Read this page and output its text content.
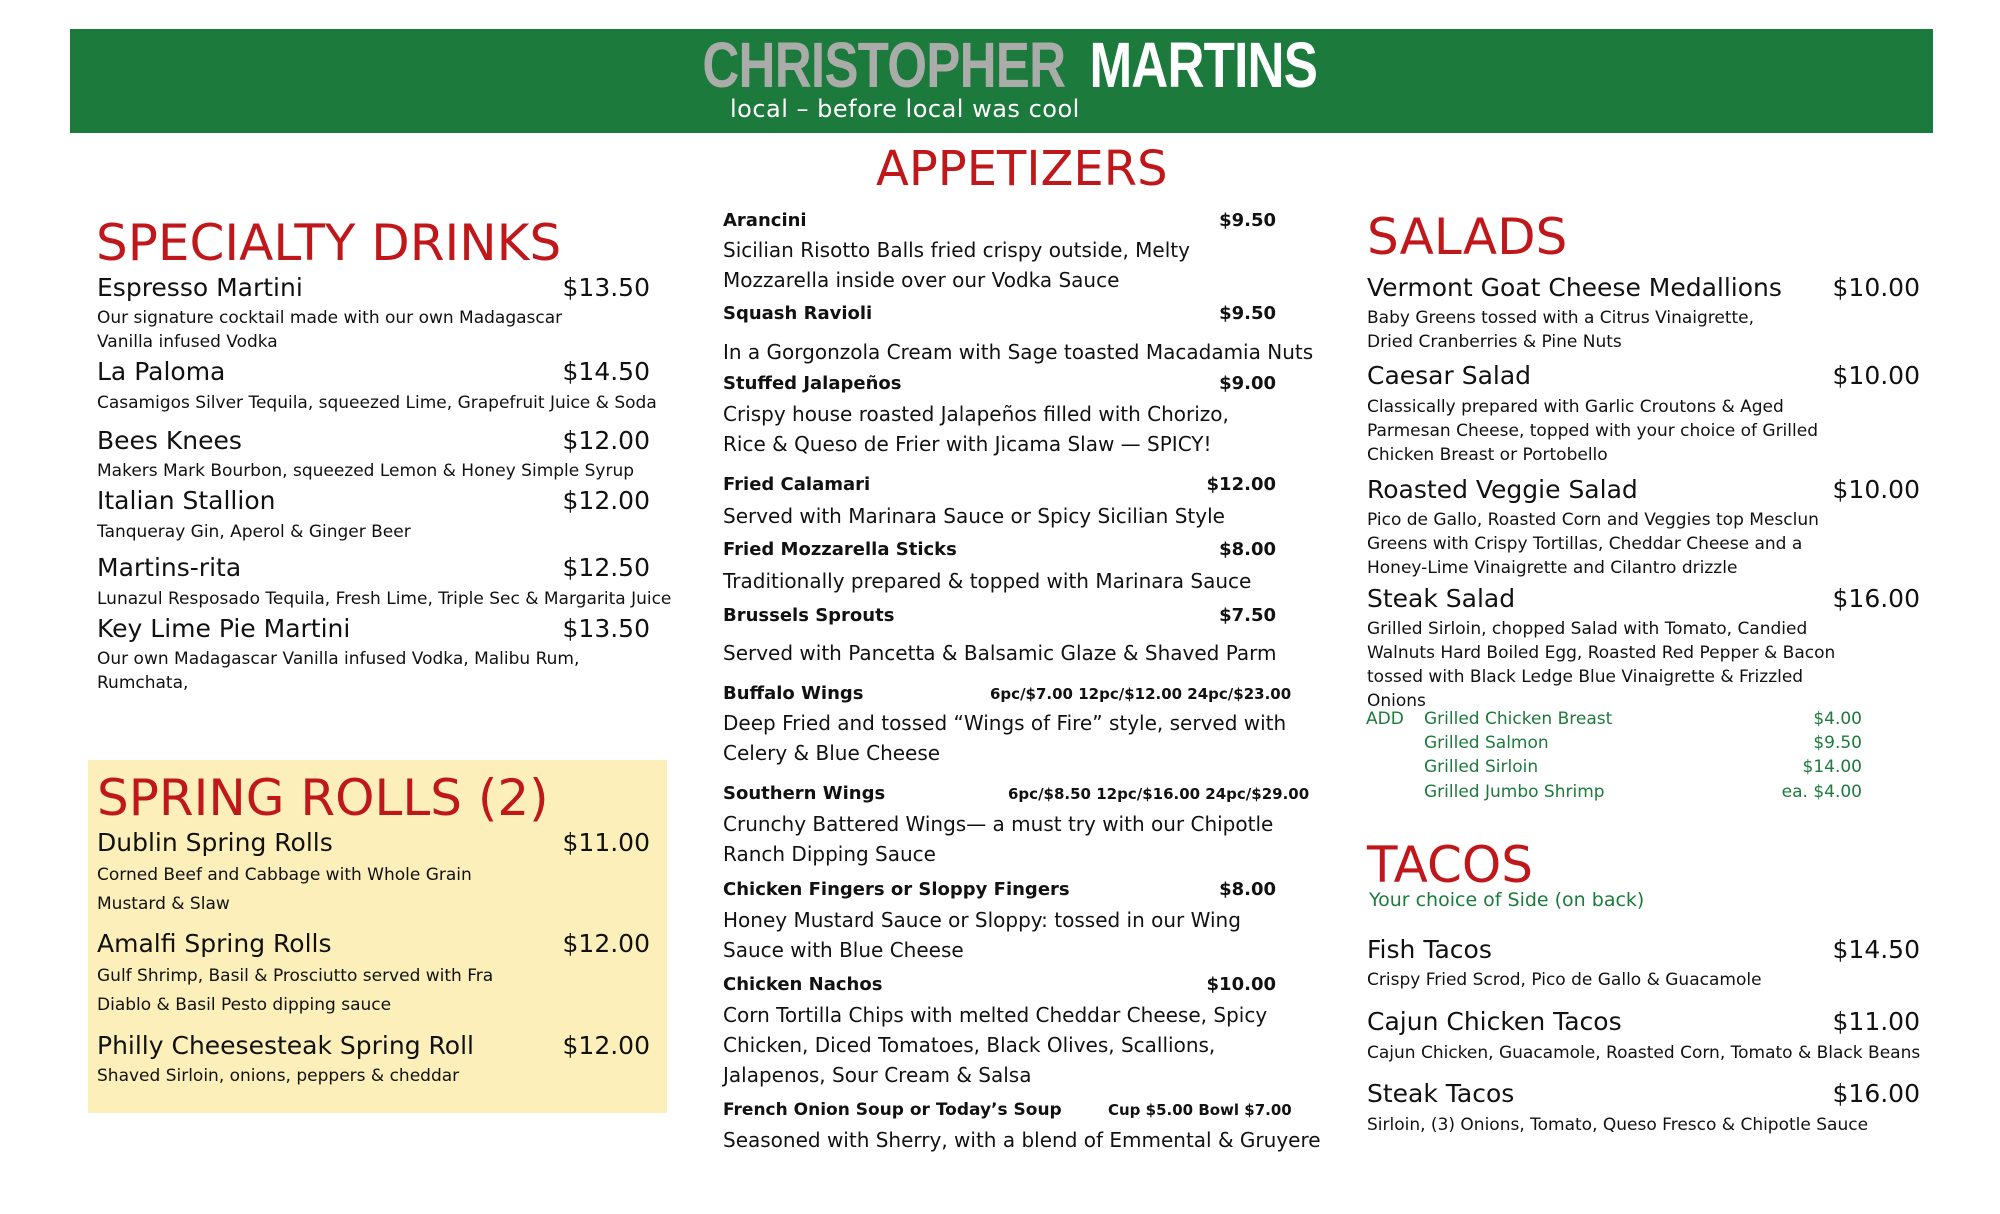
CHRISTOPHER MARTINS
local – before local was cool
SPECIALTY DRINKS
Espresso Martini	$13.50
Our signature cocktail made with our own Madagascar Vanilla infused Vodka
La Paloma	$14.50
Casamigos Silver Tequila, squeezed Lime, Grapefruit Juice & Soda
Bees Knees	$12.00
Makers Mark Bourbon, squeezed Lemon & Honey Simple Syrup
Italian Stallion	$12.00
Tanqueray Gin, Aperol & Ginger Beer
Martins-rita	$12.50
Lunazul Resposado Tequila, Fresh Lime, Triple Sec & Margarita Juice
Key Lime Pie Martini	$13.50
Our own Madagascar Vanilla infused Vodka, Malibu Rum, Rumchata,
SPRING ROLLS (2)
Dublin Spring Rolls	$11.00
Corned Beef and Cabbage with Whole Grain Mustard & Slaw
Amalfi Spring Rolls	$12.00
Gulf Shrimp, Basil & Prosciutto served with Fra Diablo & Basil Pesto dipping sauce
Philly Cheesesteak Spring Roll	$12.00
Shaved Sirloin, onions, peppers & cheddar
APPETIZERS
Arancini	$9.50
Sicilian Risotto Balls fried crispy outside, Melty Mozzarella inside over our Vodka Sauce
Squash Ravioli	$9.50
In a Gorgonzola Cream with Sage toasted Macadamia Nuts
Stuffed Jalapeños	$9.00
Crispy house roasted Jalapeños filled with Chorizo, Rice & Queso de Frier with Jicama Slaw — SPICY!
Fried Calamari	$12.00
Served with Marinara Sauce or Spicy Sicilian Style
Fried Mozzarella Sticks	$8.00
Traditionally prepared & topped with Marinara Sauce
Brussels Sprouts	$7.50
Served with Pancetta & Balsamic Glaze & Shaved Parm
Buffalo Wings	6pc/$7.00 12pc/$12.00 24pc/$23.00
Deep Fried and tossed “Wings of Fire” style, served with Celery & Blue Cheese
Southern Wings	6pc/$8.50 12pc/$16.00 24pc/$29.00
Crunchy Battered Wings— a must try with our Chipotle Ranch Dipping Sauce
Chicken Fingers or Sloppy Fingers	$8.00
Honey Mustard Sauce or Sloppy: tossed in our Wing Sauce with Blue Cheese
Chicken Nachos	$10.00
Corn Tortilla Chips with melted Cheddar Cheese, Spicy Chicken, Diced Tomatoes, Black Olives, Scallions, Jalapenos, Sour Cream & Salsa
French Onion Soup or Today’s Soup	Cup $5.00 Bowl $7.00
Seasoned with Sherry, with a blend of Emmental & Gruyere
SALADS
Vermont Goat Cheese Medallions	$10.00
Baby Greens tossed with a Citrus Vinaigrette, Dried Cranberries & Pine Nuts
Caesar Salad	$10.00
Classically prepared with Garlic Croutons & Aged Parmesan Cheese, topped with your choice of Grilled Chicken Breast or Portobello
Roasted Veggie Salad	$10.00
Pico de Gallo, Roasted Corn and Veggies top Mesclun Greens with Crispy Tortillas, Cheddar Cheese and a Honey-Lime Vinaigrette and Cilantro drizzle
Steak Salad	$16.00
Grilled Sirloin, chopped Salad with Tomato, Candied Walnuts Hard Boiled Egg, Roasted Red Pepper & Bacon tossed with Black Ledge Blue Vinaigrette & Frizzled Onions
ADD Grilled Chicken Breast	$4.00
Grilled Salmon	$9.50
Grilled Sirloin	$14.00
Grilled Jumbo Shrimp	ea. $4.00
TACOS
Your choice of Side (on back)
Fish Tacos	$14.50
Crispy Fried Scrod, Pico de Gallo & Guacamole
Cajun Chicken Tacos	$11.00
Cajun Chicken, Guacamole, Roasted Corn, Tomato & Black Beans
Steak Tacos	$16.00
Sirloin, (3) Onions, Tomato, Queso Fresco & Chipotle Sauce
